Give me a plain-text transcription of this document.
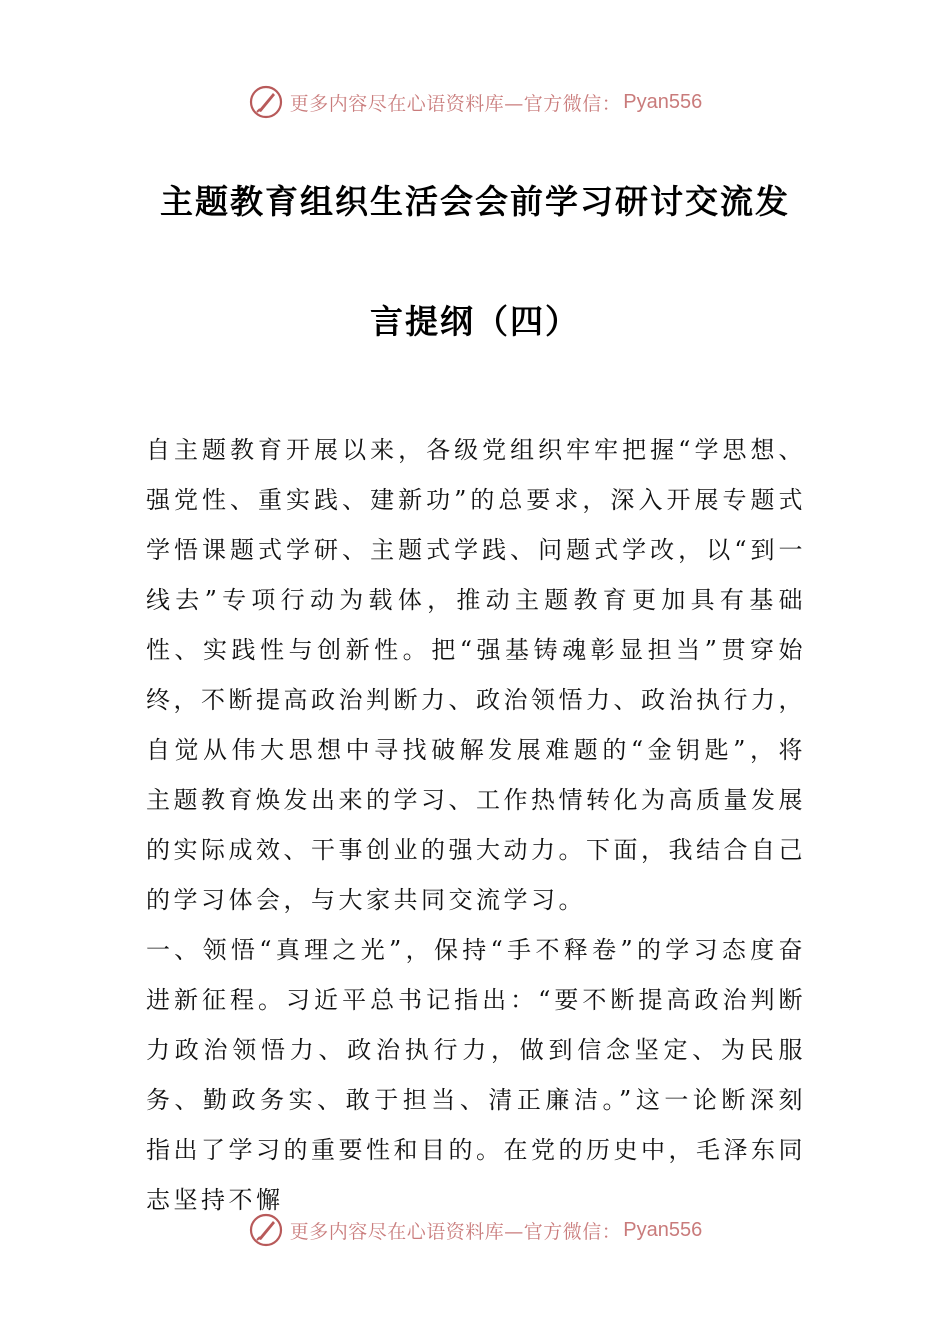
更多内容尽在心语资料库—官方微信： Pyan556
主题教育组织生活会会前学习研讨交流发
言提纲（四）

自主题教育开展以来，各级党组织牢牢把握“学思想、强党性、重实践、建新功”的总要求，深入开展专题式学悟课题式学研、主题式学践、问题式学改，以“到一线去”专项行动为载体，推动主题教育更加具有基础性、实践性与创新性。把“强基铸魂彰显担当”贯穿始终，不断提高政治判断力、政治领悟力、政治执行力，自觉从伟大思想中寻找破解发展难题的“金钥匙”，将主题教育焕发出来的学习、工作热情转化为高质量发展的实际成效、干事创业的强大动力。下面，我结合自己的学习体会，与大家共同交流学习。

一、领悟“真理之光”，保持“手不释卷”的学习态度奋进新征程。习近平总书记指出：“要不断提高政治判断力政治领悟力、政治执行力，做到信念坚定、为民服务、勤政务实、敢于担当、清正廉洁。”这一论断深刻指出了学习的重要性和目的。在党的历史中，毛泽东同志坚持不懈

更多内容尽在心语资料库—官方微信： Pyan556
